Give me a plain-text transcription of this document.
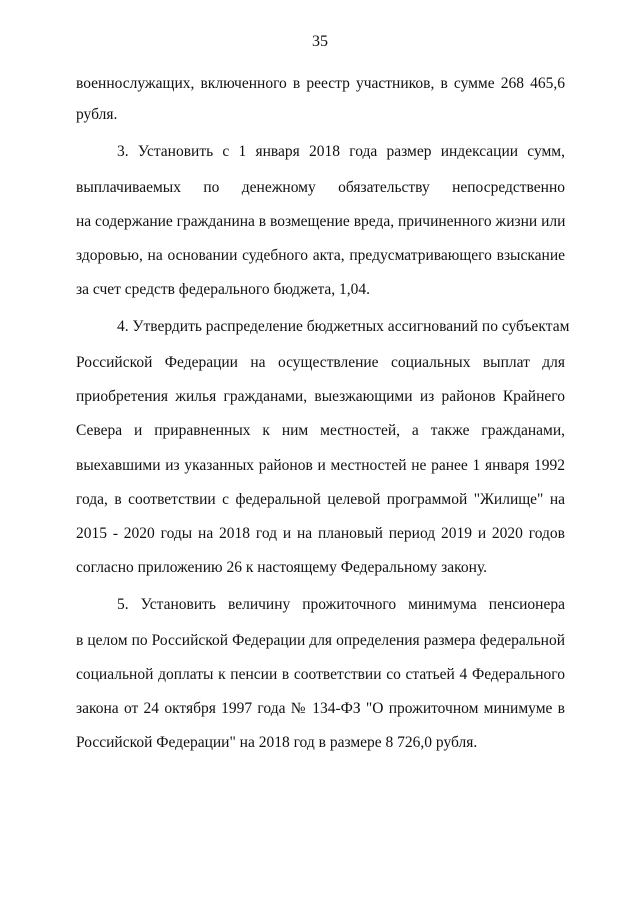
35
военнослужащих, включенного в реестр участников, в сумме 268 465,6
рубля.
3. Установить с 1 января 2018 года размер индексации сумм,
выплачиваемых по денежному обязательству непосредственно
на содержание гражданина в возмещение вреда, причиненного жизни или
здоровью, на основании судебного акта, предусматривающего взыскание
за счет средств федерального бюджета, 1,04.
4. Утвердить распределение бюджетных ассигнований по субъектам
Российской Федерации на осуществление социальных выплат для
приобретения жилья гражданами, выезжающими из районов Крайнего
Севера и приравненных к ним местностей, а также гражданами,
выехавшими из указанных районов и местностей не ранее 1 января 1992
года, в соответствии с федеральной целевой программой "Жилище" на
2015 - 2020 годы на 2018 год и на плановый период 2019 и 2020 годов
согласно приложению 26 к настоящему Федеральному закону.
5. Установить величину прожиточного минимума пенсионера
в целом по Российской Федерации для определения размера федеральной
социальной доплаты к пенсии в соответствии со статьей 4 Федерального
закона от 24 октября 1997 года № 134-ФЗ "О прожиточном минимуме в
Российской Федерации" на 2018 год в размере 8 726,0 рубля.
